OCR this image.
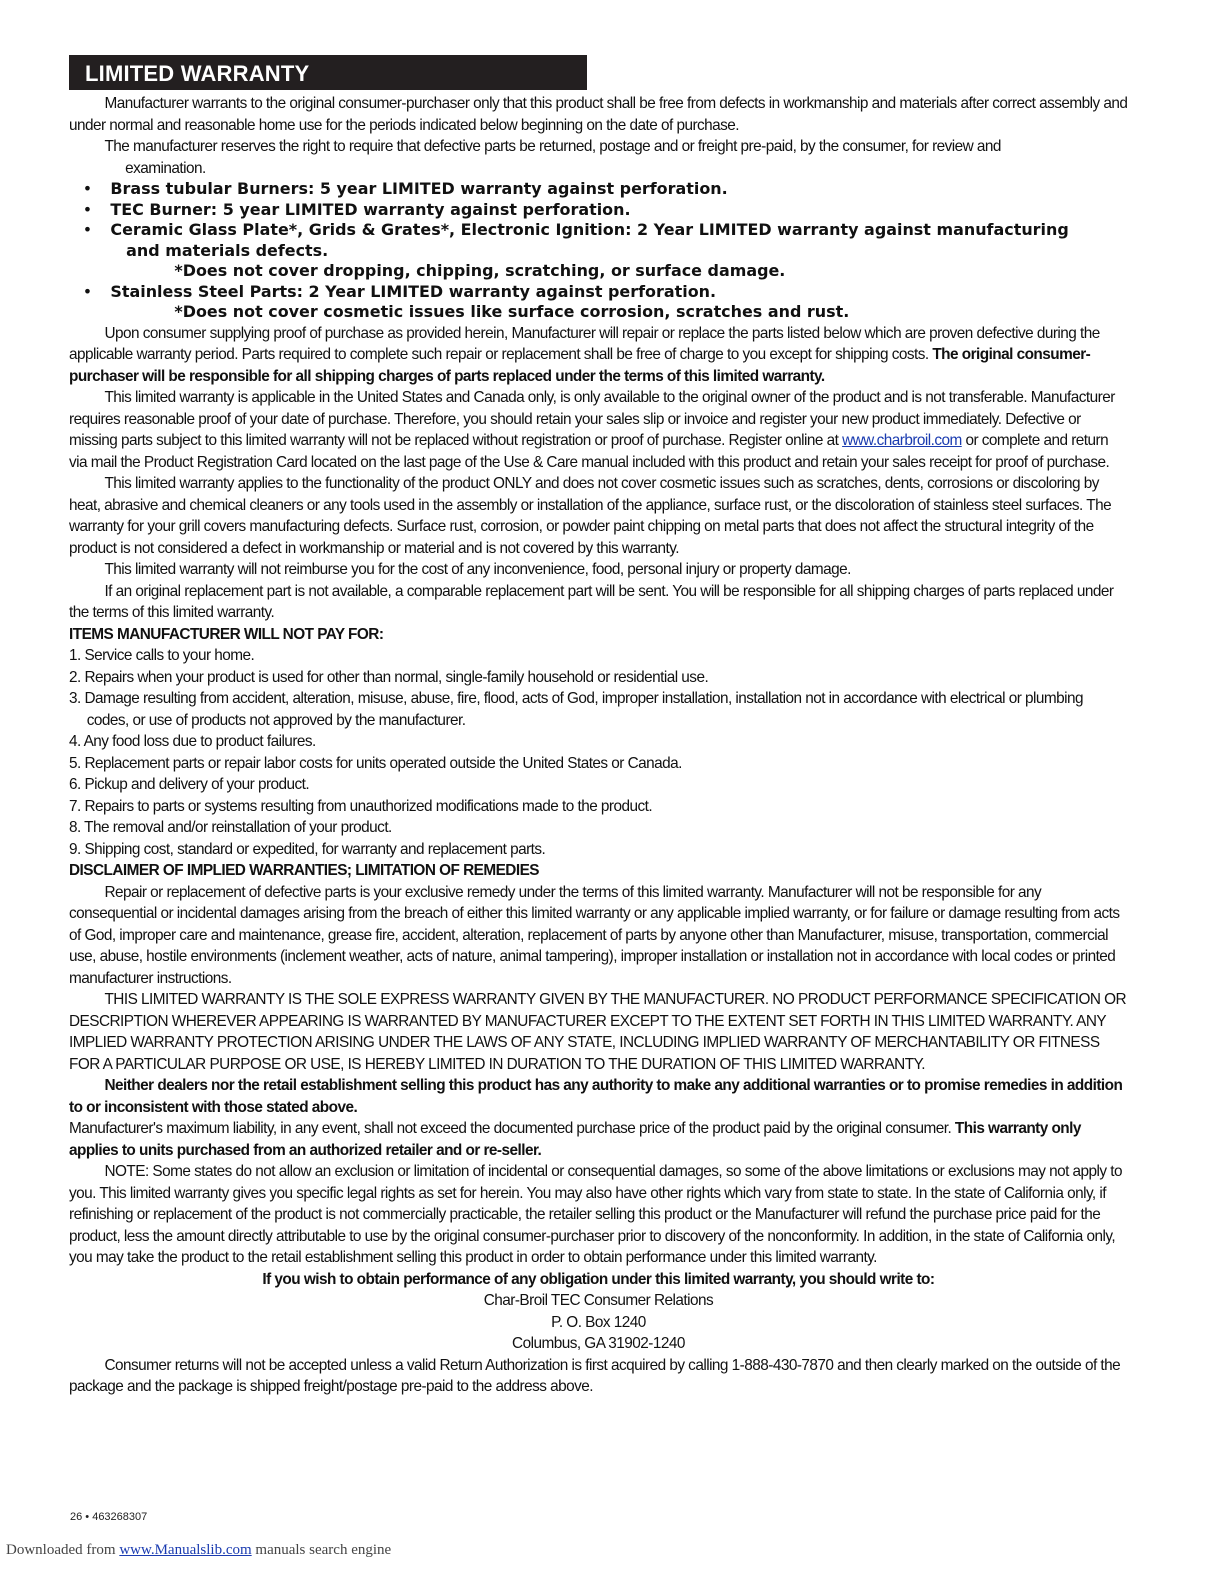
LIMITED WARRANTY

Manufacturer warrants to the original consumer-purchaser only that this product shall be free from defects in workmanship and materials after correct assembly and under normal and reasonable home use for the periods indicated below beginning on the date of purchase.

The manufacturer reserves the right to require that defective parts be returned, postage and or freight pre-paid, by the consumer, for review and

examination.

• Brass tubular Burners: 5 year LIMITED warranty against perforation.
• TEC Burner: 5 year LIMITED warranty against perforation.
• Ceramic Glass Plate*, Grids & Grates*, Electronic Ignition: 2 Year LIMITED warranty against manufacturing
and materials defects.
*Does not cover dropping, chipping, scratching, or surface damage.
• Stainless Steel Parts: 2 Year LIMITED warranty against perforation.
*Does not cover cosmetic issues like surface corrosion, scratches and rust.

Upon consumer supplying proof of purchase as provided herein, Manufacturer will repair or replace the parts listed below which are proven defective during the applicable warranty period. Parts required to complete such repair or replacement shall be free of charge to you except for shipping costs. The original consumer-purchaser will be responsible for all shipping charges of parts replaced under the terms of this limited warranty.

This limited warranty is applicable in the United States and Canada only, is only available to the original owner of the product and is not transferable. Manufacturer requires reasonable proof of your date of purchase. Therefore, you should retain your sales slip or invoice and register your new product immediately. Defective or missing parts subject to this limited warranty will not be replaced without registration or proof of purchase. Register online at www.charbroil.com or complete and return via mail the Product Registration Card located on the last page of the Use & Care manual included with this product and retain your sales receipt for proof of purchase.

This limited warranty applies to the functionality of the product ONLY and does not cover cosmetic issues such as scratches, dents, corrosions or discoloring by heat, abrasive and chemical cleaners or any tools used in the assembly or installation of the appliance, surface rust, or the discoloration of stainless steel surfaces. The warranty for your grill covers manufacturing defects. Surface rust, corrosion, or powder paint chipping on metal parts that does not affect the structural integrity of the product is not considered a defect in workmanship or material and is not covered by this warranty.

This limited warranty will not reimburse you for the cost of any inconvenience, food, personal injury or property damage.

If an original replacement part is not available, a comparable replacement part will be sent. You will be responsible for all shipping charges of parts replaced under the terms of this limited warranty.

ITEMS MANUFACTURER WILL NOT PAY FOR:

1. Service calls to your home.

2. Repairs when your product is used for other than normal, single-family household or residential use.

3. Damage resulting from accident, alteration, misuse, abuse, fire, flood, acts of God, improper installation, installation not in accordance with electrical or plumbing codes, or use of products not approved by the manufacturer.

4. Any food loss due to product failures.

5. Replacement parts or repair labor costs for units operated outside the United States or Canada.

6. Pickup and delivery of your product.

7. Repairs to parts or systems resulting from unauthorized modifications made to the product.

8. The removal and/or reinstallation of your product.

9. Shipping cost, standard or expedited, for warranty and replacement parts.

DISCLAIMER OF IMPLIED WARRANTIES; LIMITATION OF REMEDIES

Repair or replacement of defective parts is your exclusive remedy under the terms of this limited warranty. Manufacturer will not be responsible for any consequential or incidental damages arising from the breach of either this limited warranty or any applicable implied warranty, or for failure or damage resulting from acts of God, improper care and maintenance, grease fire, accident, alteration, replacement of parts by anyone other than Manufacturer, misuse, transportation, commercial use, abuse, hostile environments (inclement weather, acts of nature, animal tampering), improper installation or installation not in accordance with local codes or printed manufacturer instructions.

THIS LIMITED WARRANTY IS THE SOLE EXPRESS WARRANTY GIVEN BY THE MANUFACTURER. NO PRODUCT PERFORMANCE SPECIFICATION OR DESCRIPTION WHEREVER APPEARING IS WARRANTED BY MANUFACTURER EXCEPT TO THE EXTENT SET FORTH IN THIS LIMITED WARRANTY. ANY IMPLIED WARRANTY PROTECTION ARISING UNDER THE LAWS OF ANY STATE, INCLUDING IMPLIED WARRANTY OF MERCHANTABILITY OR FITNESS FOR A PARTICULAR PURPOSE OR USE, IS HEREBY LIMITED IN DURATION TO THE DURATION OF THIS LIMITED WARRANTY.

Neither dealers nor the retail establishment selling this product has any authority to make any additional warranties or to promise remedies in addition to or inconsistent with those stated above.

Manufacturer's maximum liability, in any event, shall not exceed the documented purchase price of the product paid by the original consumer. This warranty only applies to units purchased from an authorized retailer and or re-seller.

NOTE: Some states do not allow an exclusion or limitation of incidental or consequential damages, so some of the above limitations or exclusions may not apply to you. This limited warranty gives you specific legal rights as set for herein. You may also have other rights which vary from state to state. In the state of California only, if refinishing or replacement of the product is not commercially practicable, the retailer selling this product or the Manufacturer will refund the purchase price paid for the product, less the amount directly attributable to use by the original consumer-purchaser prior to discovery of the nonconformity. In addition, in the state of California only, you may take the product to the retail establishment selling this product in order to obtain performance under this limited warranty.

If you wish to obtain performance of any obligation under this limited warranty, you should write to:

Char-Broil TEC Consumer Relations

P. O. Box 1240

Columbus, GA 31902-1240

Consumer returns will not be accepted unless a valid Return Authorization is first acquired by calling 1-888-430-7870 and then clearly marked on the outside of the package and the package is shipped freight/postage pre-paid to the address above.

26 • 463268307
Downloaded from www.Manualslib.com manuals search engine
